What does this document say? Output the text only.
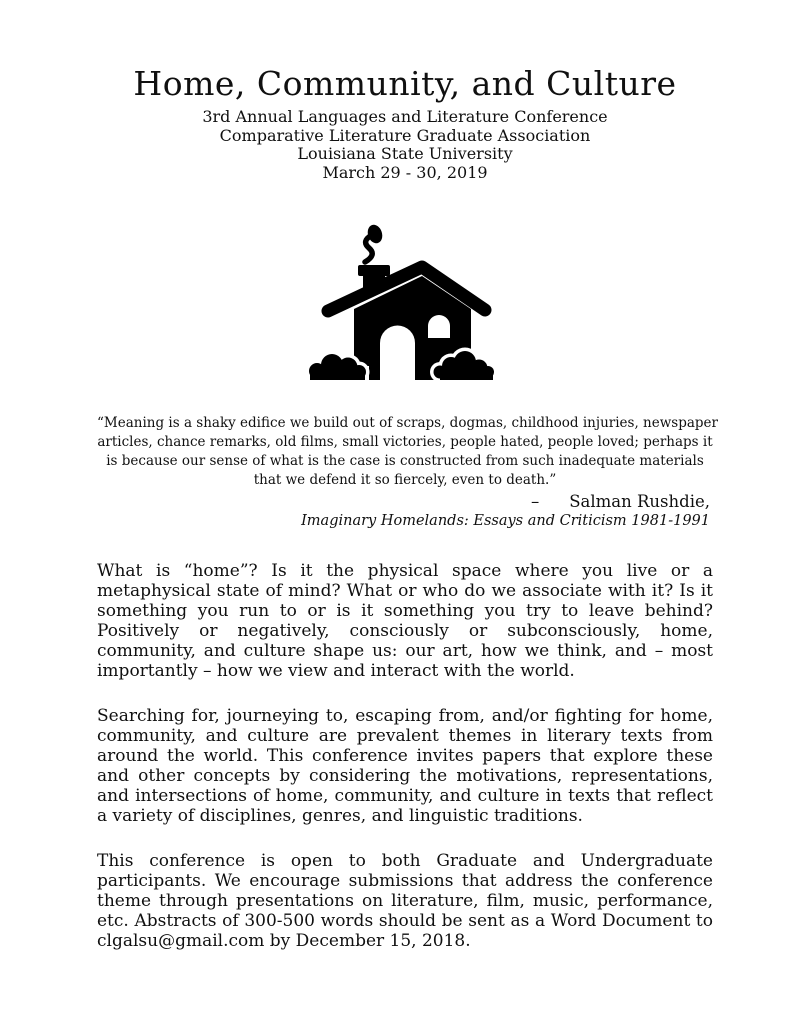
Home, Community, and Culture
3rd Annual Languages and Literature Conference
Comparative Literature Graduate Association
Louisiana State University
March 29 - 30, 2019
“Meaning is a shaky edifice we build out of scraps, dogmas, childhood injuries, newspaper
articles, chance remarks, old films, small victories, people hated, people loved; perhaps it
is because our sense of what is the case is constructed from such inadequate materials
that we defend it so fiercely, even to death.”
– Salman Rushdie,
Imaginary Homelands: Essays and Criticism 1981-1991
What is “home”? Is it the physical space where you live or a metaphysical state of mind? What or who do we associate with it? Is it something you run to or is it something you try to leave behind? Positively or negatively, consciously or subconsciously, home, community, and culture shape us: our art, how we think, and – most importantly – how we view and interact with the world.
Searching for, journeying to, escaping from, and/or fighting for home, community, and culture are prevalent themes in literary texts from around the world. This conference invites papers that explore these and other concepts by considering the motivations, representations, and intersections of home, community, and culture in texts that reflect a variety of disciplines, genres, and linguistic traditions.
This conference is open to both Graduate and Undergraduate participants. We encourage submissions that address the conference theme through presentations on literature, film, music, performance, etc. Abstracts of 300-500 words should be sent as a Word Document to clgalsu@gmail.com by December 15, 2018.
